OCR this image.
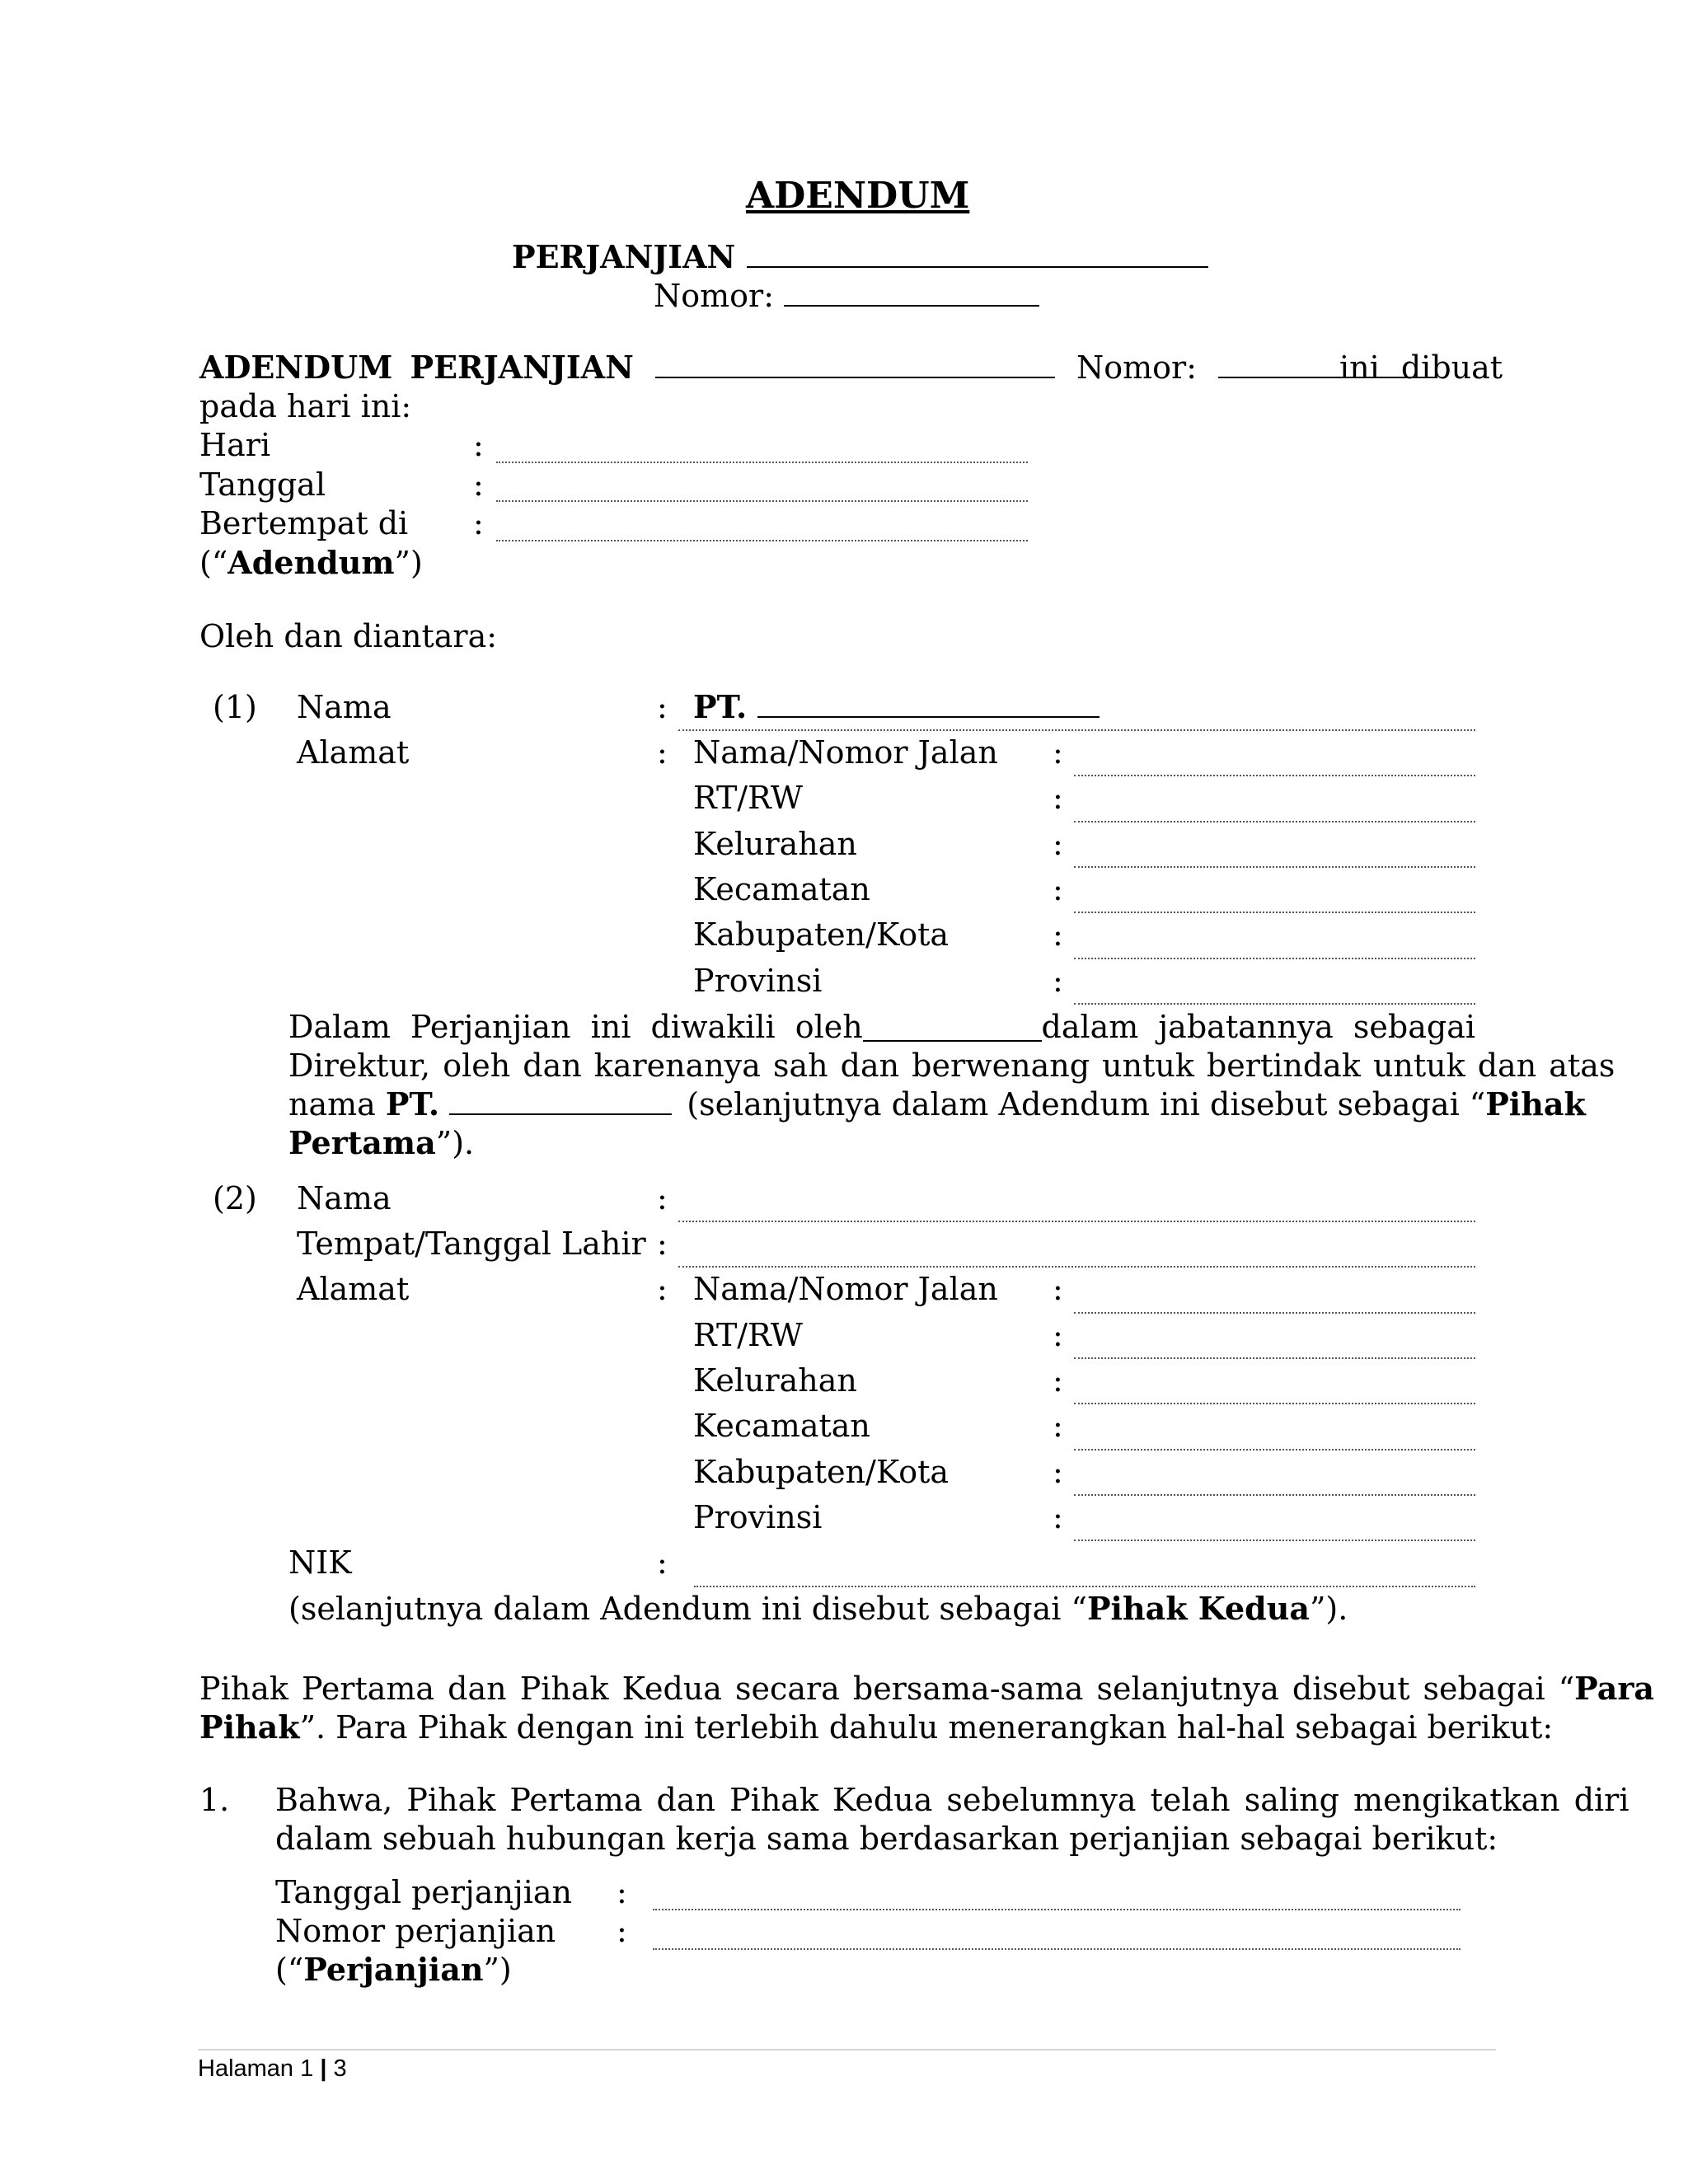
ADENDUM
PERJANJIAN
Nomor:
ADENDUM PERJANJIAN	Nomor:	ini dibuat
pada hari ini:
Hari	:
Tanggal	:
Bertempat di :
(“Adendum”)
Oleh dan diantara:
(1) Nama	: PT.
Alamat	: Nama/Nomor Jalan :
RT/RW	:
Kelurahan	:
Kecamatan	:
Kabupaten/Kota	:
Provinsi	:
Dalam Perjanjian ini diwakili oleh	dalam jabatannya sebagai
Direktur, oleh dan karenanya sah dan berwenang untuk bertindak untuk dan atas
nama PT.	(selanjutnya dalam Adendum ini disebut sebagai “Pihak
Pertama”).
(2) Nama	:
Tempat/Tanggal Lahir :
Alamat	: Nama/Nomor Jalan :
RT/RW	:
Kelurahan	:
Kecamatan	:
Kabupaten/Kota	:
Provinsi	:
NIK	:
(selanjutnya dalam Adendum ini disebut sebagai “Pihak Kedua”).
Pihak Pertama dan Pihak Kedua secara bersama-sama selanjutnya disebut sebagai “Para
Pihak”. Para Pihak dengan ini terlebih dahulu menerangkan hal-hal sebagai berikut:
1. Bahwa, Pihak Pertama dan Pihak Kedua sebelumnya telah saling mengikatkan diri
dalam sebuah hubungan kerja sama berdasarkan perjanjian sebagai berikut:
Tanggal perjanjian :
Nomor perjanjian :
(“Perjanjian”)
Halaman 1 | 3
